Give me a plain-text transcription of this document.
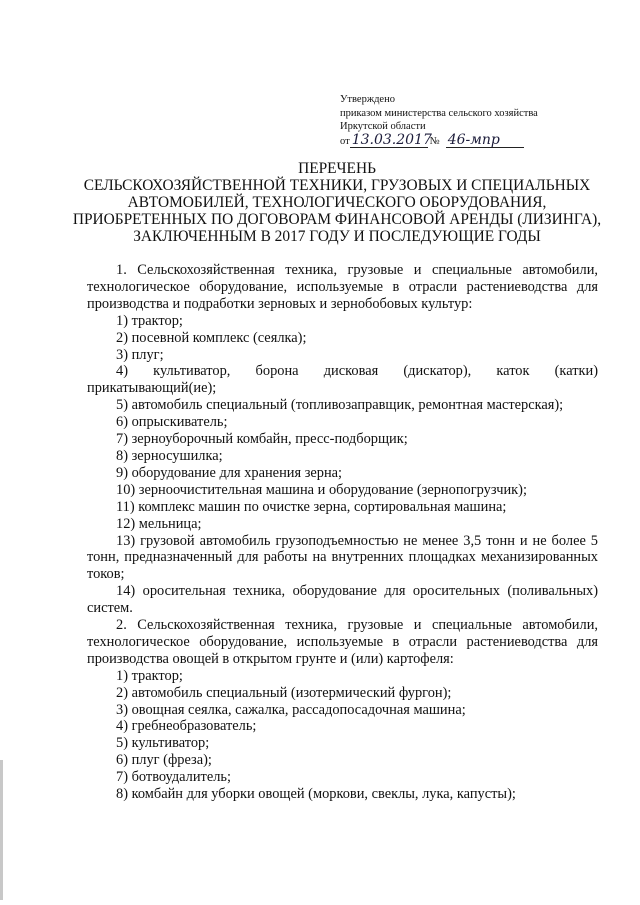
Утверждено
приказом министерства сельского хозяйства
Иркутской области
от 13.03.2017
№ 46-мпр
ПЕРЕЧЕНЬ
СЕЛЬСКОХОЗЯЙСТВЕННОЙ ТЕХНИКИ, ГРУЗОВЫХ И СПЕЦИАЛЬНЫХ
АВТОМОБИЛЕЙ, ТЕХНОЛОГИЧЕСКОГО ОБОРУДОВАНИЯ,
ПРИОБРЕТЕННЫХ ПО ДОГОВОРАМ ФИНАНСОВОЙ АРЕНДЫ (ЛИЗИНГА),
ЗАКЛЮЧЕННЫМ В 2017 ГОДУ И ПОСЛЕДУЮЩИЕ ГОДЫ

1. Сельскохозяйственная техника, грузовые и специальные автомобили, технологическое оборудование, используемые в отрасли растениеводства для производства и подработки зерновых и зернобобовых культур:

1) трактор;
2) посевной комплекс (сеялка);
3) плуг;

4) культиватор, борона дисковая (дискатор), каток (катки) прикатывающий(ие);

5) автомобиль специальный (топливозаправщик, ремонтная мастерская);
6) опрыскиватель;
7) зерноуборочный комбайн, пресс-подборщик;
8) зерносушилка;
9) оборудование для хранения зерна;
10) зерноочистительная машина и оборудование (зернопогрузчик);
11) комплекс машин по очистке зерна, сортировальная машина;
12) мельница;

13) грузовой автомобиль грузоподъемностью не менее 3,5 тонн и не более 5 тонн, предназначенный для работы на внутренних площадках механизированных токов;

14) оросительная техника, оборудование для оросительных (поливальных) систем.

2. Сельскохозяйственная техника, грузовые и специальные автомобили, технологическое оборудование, используемые в отрасли растениеводства для производства овощей в открытом грунте и (или) картофеля:

1) трактор;
2) автомобиль специальный (изотермический фургон);
3) овощная сеялка, сажалка, рассадопосадочная машина;
4) гребнеобразователь;
5) культиватор;
6) плуг (фреза);
7) ботвоудалитель;
8) комбайн для уборки овощей (моркови, свеклы, лука, капусты);
